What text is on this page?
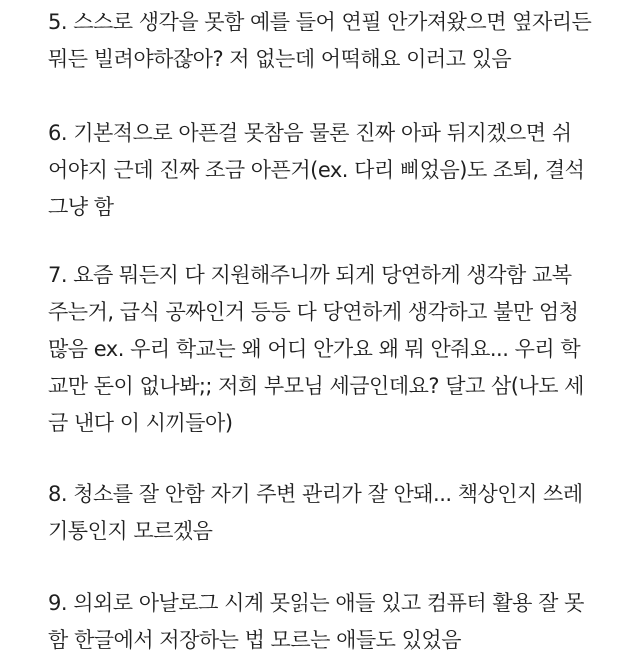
5. 스스로 생각을 못함 예를 들어 연필 안가져왔으면 옆자리든
뭐든 빌려야하잖아? 저 없는데 어떡해요 이러고 있음
6. 기본적으로 아픈걸 못참음 물론 진짜 아파 뒤지겠으면 쉬
어야지 근데 진짜 조금 아픈거(ex. 다리 삐었음)도 조퇴, 결석
그냥 함
7. 요즘 뭐든지 다 지원해주니까 되게 당연하게 생각함 교복
주는거, 급식 공짜인거 등등 다 당연하게 생각하고 불만 엄청
많음 ex. 우리 학교는 왜 어디 안가요 왜 뭐 안줘요... 우리 학
교만 돈이 없나봐;; 저희 부모님 세금인데요? 달고 삼(나도 세
금 낸다 이 시끼들아)
8. 청소를 잘 안함 자기 주변 관리가 잘 안돼... 책상인지 쓰레
기통인지 모르겠음
9. 의외로 아날로그 시계 못읽는 애들 있고 컴퓨터 활용 잘 못
함 한글에서 저장하는 법 모르는 애들도 있었음
